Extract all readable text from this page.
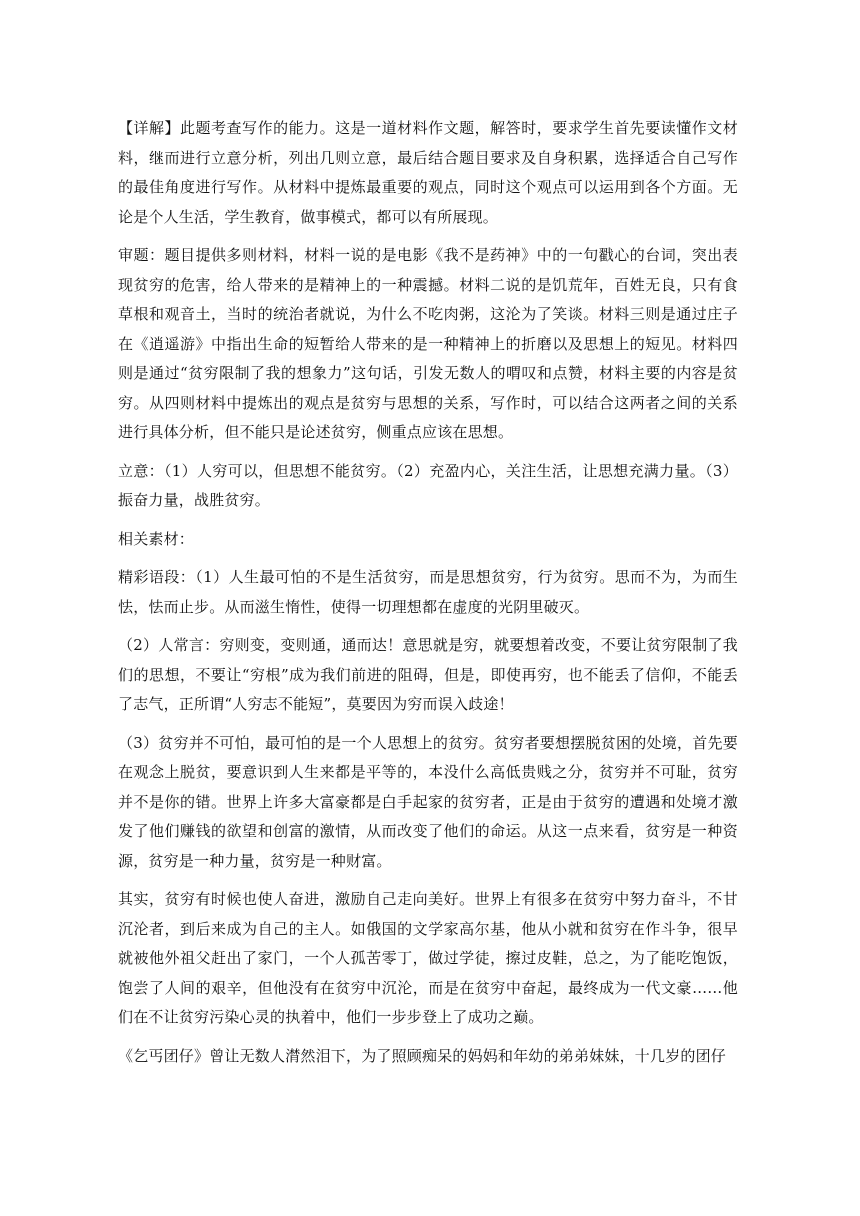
【详解】此题考查写作的能力。这是一道材料作文题，解答时，要求学生首先要读懂作文材料，继而进行立意分析，列出几则立意，最后结合题目要求及自身积累，选择适合自己写作的最佳角度进行写作。从材料中提炼最重要的观点，同时这个观点可以运用到各个方面。无论是个人生活，学生教育，做事模式，都可以有所展现。

审题：题目提供多则材料，材料一说的是电影《我不是药神》中的一句戳心的台词，突出表现贫穷的危害，给人带来的是精神上的一种震撼。材料二说的是饥荒年，百姓无良，只有食草根和观音土，当时的统治者就说，为什么不吃肉粥，这沦为了笑谈。材料三则是通过庄子在《逍遥游》中指出生命的短暂给人带来的是一种精神上的折磨以及思想上的短见。材料四则是通过“贫穷限制了我的想象力”这句话，引发无数人的喟叹和点赞，材料主要的内容是贫穷。从四则材料中提炼出的观点是贫穷与思想的关系，写作时，可以结合这两者之间的关系进行具体分析，但不能只是论述贫穷，侧重点应该在思想。

立意：（1）人穷可以，但思想不能贫穷。（2）充盈内心，关注生活，让思想充满力量。（3）振奋力量，战胜贫穷。

相关素材：

精彩语段：（1）人生最可怕的不是生活贫穷，而是思想贫穷，行为贫穷。思而不为，为而生怯，怯而止步。从而滋生惰性，使得一切理想都在虚度的光阴里破灭。

（2）人常言：穷则变，变则通，通而达！意思就是穷，就要想着改变，不要让贫穷限制了我们的思想，不要让“穷根”成为我们前进的阻碍，但是，即使再穷，也不能丢了信仰，不能丢了志气，正所谓“人穷志不能短”，莫要因为穷而误入歧途！

（3）贫穷并不可怕，最可怕的是一个人思想上的贫穷。贫穷者要想摆脱贫困的处境，首先要在观念上脱贫，要意识到人生来都是平等的，本没什么高低贵贱之分，贫穷并不可耻，贫穷并不是你的错。世界上许多大富豪都是白手起家的贫穷者，正是由于贫穷的遭遇和处境才激发了他们赚钱的欲望和创富的激情，从而改变了他们的命运。从这一点来看，贫穷是一种资源，贫穷是一种力量，贫穷是一种财富。

其实，贫穷有时候也使人奋进，激励自己走向美好。世界上有很多在贫穷中努力奋斗，不甘沉沦者，到后来成为自己的主人。如俄国的文学家高尔基，他从小就和贫穷在作斗争，很早就被他外祖父赶出了家门，一个人孤苦零丁，做过学徒，擦过皮鞋，总之，为了能吃饱饭，饱尝了人间的艰辛，但他没有在贫穷中沉沦，而是在贫穷中奋起，最终成为一代文豪……他们在不让贫穷污染心灵的执着中，他们一步步登上了成功之巅。

《乞丐团仔》曾让无数人潸然泪下，为了照顾痴呆的妈妈和年幼的弟弟妹妹，十几岁的团仔
